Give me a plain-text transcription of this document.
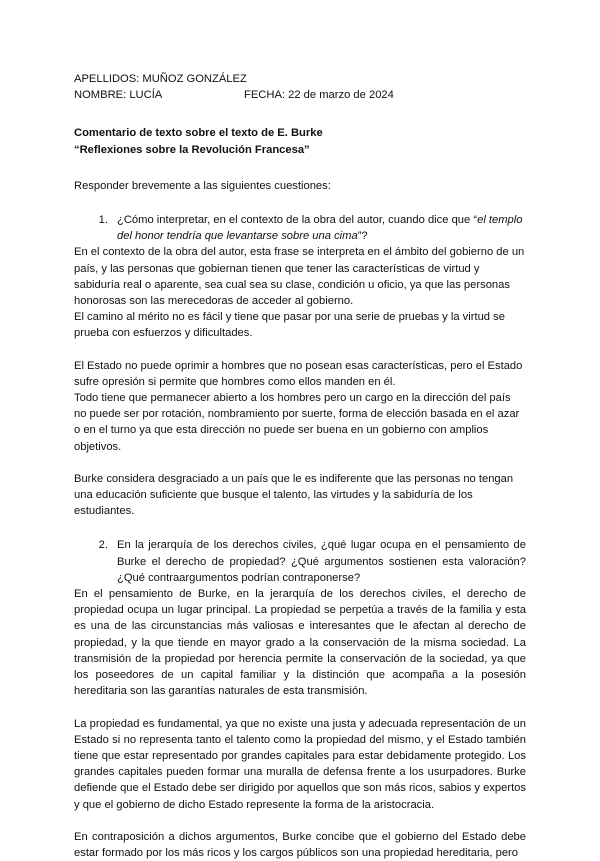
APELLIDOS: MUÑOZ GONZÁLEZ

NOMBRE: LUCÍA	FECHA: 22 de marzo de 2024

Comentario de texto sobre el texto de E. Burke

“Reflexiones sobre la Revolución Francesa”

Responder brevemente a las siguientes cuestiones:

1. ¿Cómo interpretar, en el contexto de la obra del autor, cuando dice que “el templo del honor tendría que levantarse sobre una cima”?

En el contexto de la obra del autor, esta frase se interpreta en el ámbito del gobierno de un país, y las personas que gobiernan tienen que tener las características de virtud y sabiduría real o aparente, sea cual sea su clase, condición u oficio, ya que las personas honorosas son las merecedoras de acceder al gobierno.

El camino al mérito no es fácil y tiene que pasar por una serie de pruebas y la virtud se prueba con esfuerzos y dificultades.

El Estado no puede oprimir a hombres que no posean esas características, pero el Estado sufre opresión si permite que hombres como ellos manden en él.

Todo tiene que permanecer abierto a los hombres pero un cargo en la dirección del país no puede ser por rotación, nombramiento por suerte, forma de elección basada en el azar o en el turno ya que esta dirección no puede ser buena en un gobierno con amplios objetivos.

Burke considera desgraciado a un país que le es indiferente que las personas no tengan una educación suficiente que busque el talento, las virtudes y la sabiduría de los estudiantes.

2. En la jerarquía de los derechos civiles, ¿qué lugar ocupa en el pensamiento de Burke el derecho de propiedad? ¿Qué argumentos sostienen esta valoración? ¿Qué contraargumentos podrían contraponerse?

En el pensamiento de Burke, en la jerarquía de los derechos civiles, el derecho de propiedad ocupa un lugar principal. La propiedad se perpetúa a través de la familia y esta es una de las circunstancias más valiosas e interesantes que le afectan al derecho de propiedad, y la que tiende en mayor grado a la conservación de la misma sociedad. La transmisión de la propiedad por herencia permite la conservación de la sociedad, ya que los poseedores de un capital familiar y la distinción que acompaña a la posesión hereditaria son las garantías naturales de esta transmisión.

La propiedad es fundamental, ya que no existe una justa y adecuada representación de un Estado si no representa tanto el talento como la propiedad del mismo, y el Estado también tiene que estar representado por grandes capitales para estar debidamente protegido. Los grandes capitales pueden formar una muralla de defensa frente a los usurpadores. Burke defiende que el Estado debe ser dirigido por aquellos que son más ricos, sabios y expertos y que el gobierno de dicho Estado represente la forma de la aristocracia.

En contraposición a dichos argumentos, Burke concibe que el gobierno del Estado debe estar formado por los más ricos y los cargos públicos son una propiedad hereditaria, pero
